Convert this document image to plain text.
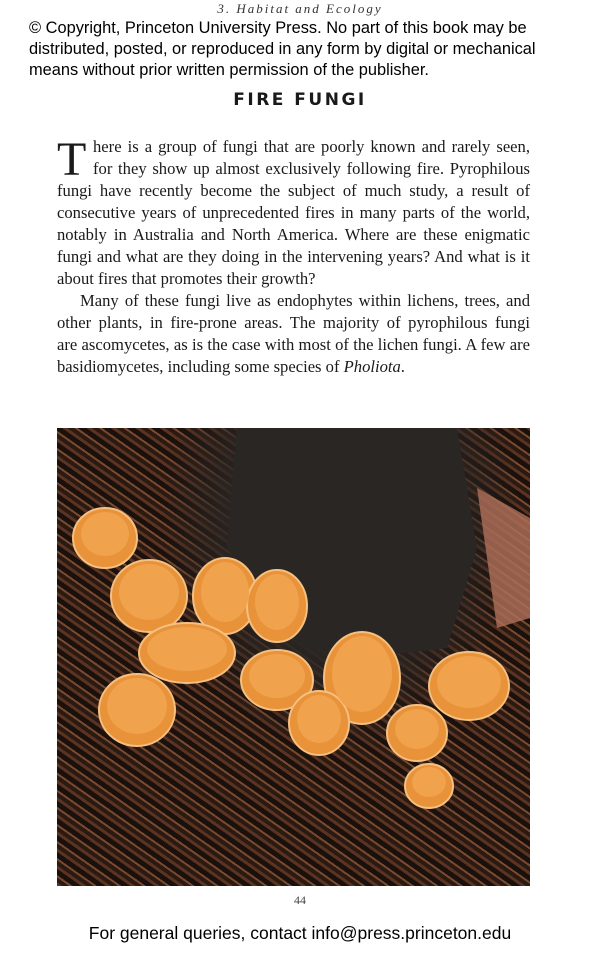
3. Habitat and Ecology
© Copyright, Princeton University Press. No part of this book may be distributed, posted, or reproduced in any form by digital or mechanical means without prior written permission of the publisher.
FIRE FUNGI
T here is a group of fungi that are poorly known and rarely seen,
for they show up almost exclusively following fire. Pyrophilous
fungi have recently become the subject of much study, a result of
consecutive years of unprecedented fires in many parts of the world,
notably in Australia and North America. Where are these enigmatic
fungi and what are they doing in the intervening years? And what is it
about fires that promotes their growth?
Many of these fungi live as endophytes within lichens, trees, and
other plants, in fire-prone areas. The majority of pyrophilous fungi
are ascomycetes, as is the case with most of the lichen fungi. A few are
basidiomycetes, including some species of Pholiota.
44
For general queries, contact info@press.princeton.edu
